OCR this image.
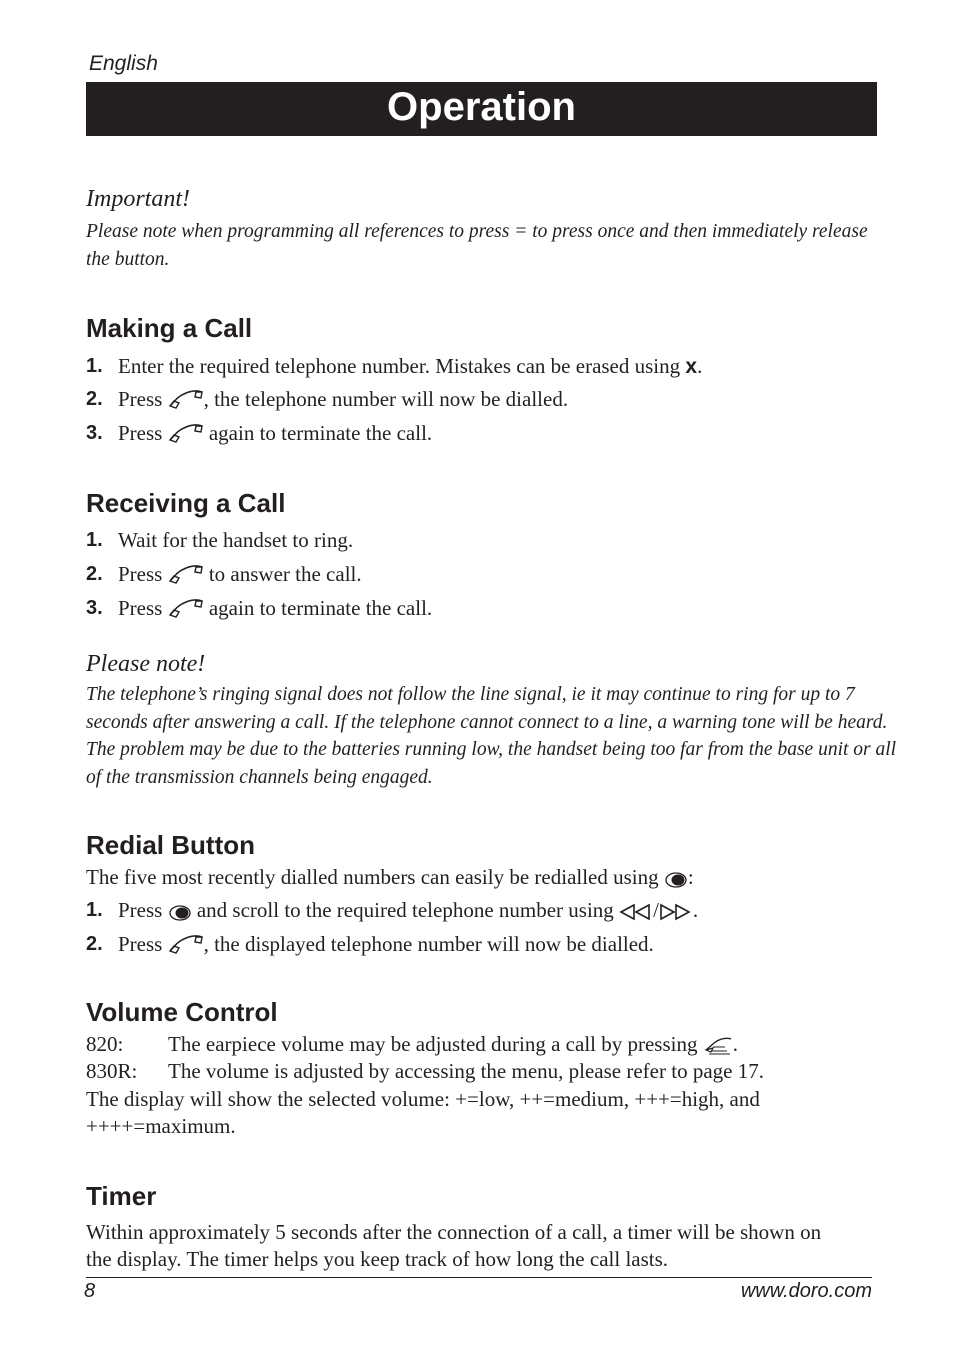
English
Operation
Important!

Please note when programming all references to press = to press once and then immediately release

the button.

Making a Call
1. Enter the required telephone number. Mistakes can be erased using x.
2. Press , the telephone number will now be dialled.
3. Press  again to terminate the call.
Receiving a Call
1. Wait for the handset to ring.
2. Press  to answer the call.
3. Press  again to terminate the call.
Please note!

The telephone’s ringing signal does not follow the line signal, ie it may continue to ring for up to 7

seconds after answering a call. If the telephone cannot connect to a line, a warning tone will be heard.

The problem may be due to the batteries running low, the handset being too far from the base unit or all

of the transmission channels being engaged.

Redial Button
The five most recently dialled numbers can easily be redialled using :
1. Press  and scroll to the required telephone number using / .
2. Press , the displayed telephone number will now be dialled.
Volume Control
820: The earpiece volume may be adjusted during a call by pressing .
830R: The volume is adjusted by accessing the menu, please refer to page 17.
The display will show the selected volume: +=low, ++=medium, +++=high, and
++++=maximum.
Timer
Within approximately 5 seconds after the connection of a call, a timer will be shown on
the display. The timer helps you keep track of how long the call lasts.
8	www.doro.com
